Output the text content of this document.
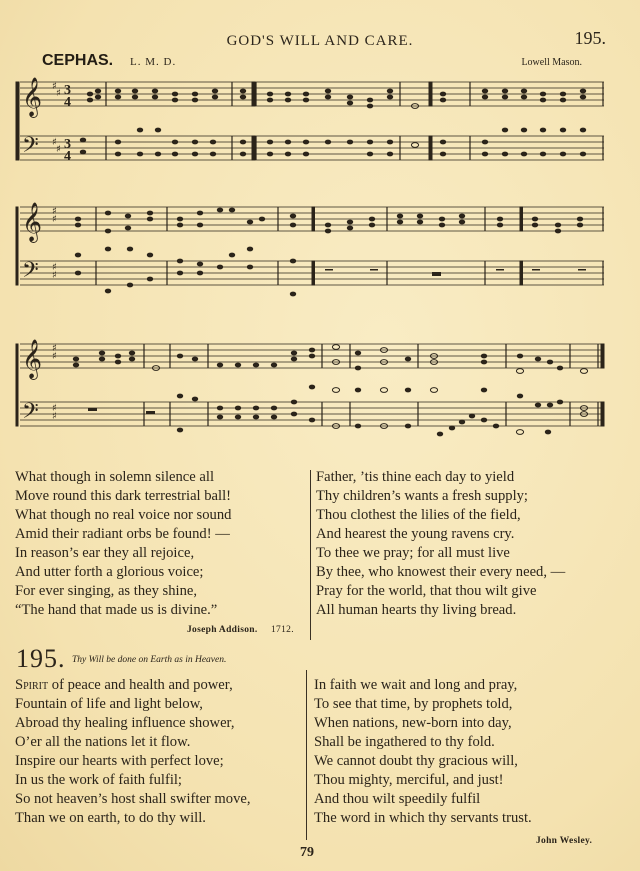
GOD'S WILL AND CARE.	195.
CEPHAS. L. M. D.	Lowell Mason.
𝄞
𝄢
♯
♯
♯
♯
3
4
3
4
𝄞
𝄢
♯
♯
♯
♯
𝄞
𝄢
♯
♯
♯
♯
What though in solemn silence all
Move round this dark terrestrial ball!
What though no real voice nor sound
Amid their radiant orbs be found! —
In reason’s ear they all rejoice,
And utter forth a glorious voice;
For ever singing, as they shine,
“The hand that made us is divine.”
Joseph Addison. 1712.
Father, ’tis thine each day to yield
Thy children’s wants a fresh supply;
Thou clothest the lilies of the field,
And hearest the young ravens cry.
To thee we pray; for all must live
By thee, who knowest their every need, —
Pray for the world, that thou wilt give
All human hearts thy living bread.
195. Thy Will be done on Earth as in Heaven.
Spirit of peace and health and power,
Fountain of life and light below,
Abroad thy healing influence shower,
O’er all the nations let it flow.
Inspire our hearts with perfect love;
In us the work of faith fulfil;
So not heaven’s host shall swifter move,
Than we on earth, to do thy will.
In faith we wait and long and pray,
To see that time, by prophets told,
When nations, new-born into day,
Shall be ingathered to thy fold.
We cannot doubt thy gracious will,
Thou mighty, merciful, and just!
And thou wilt speedily fulfil
The word in which thy servants trust.
John Wesley.
79
